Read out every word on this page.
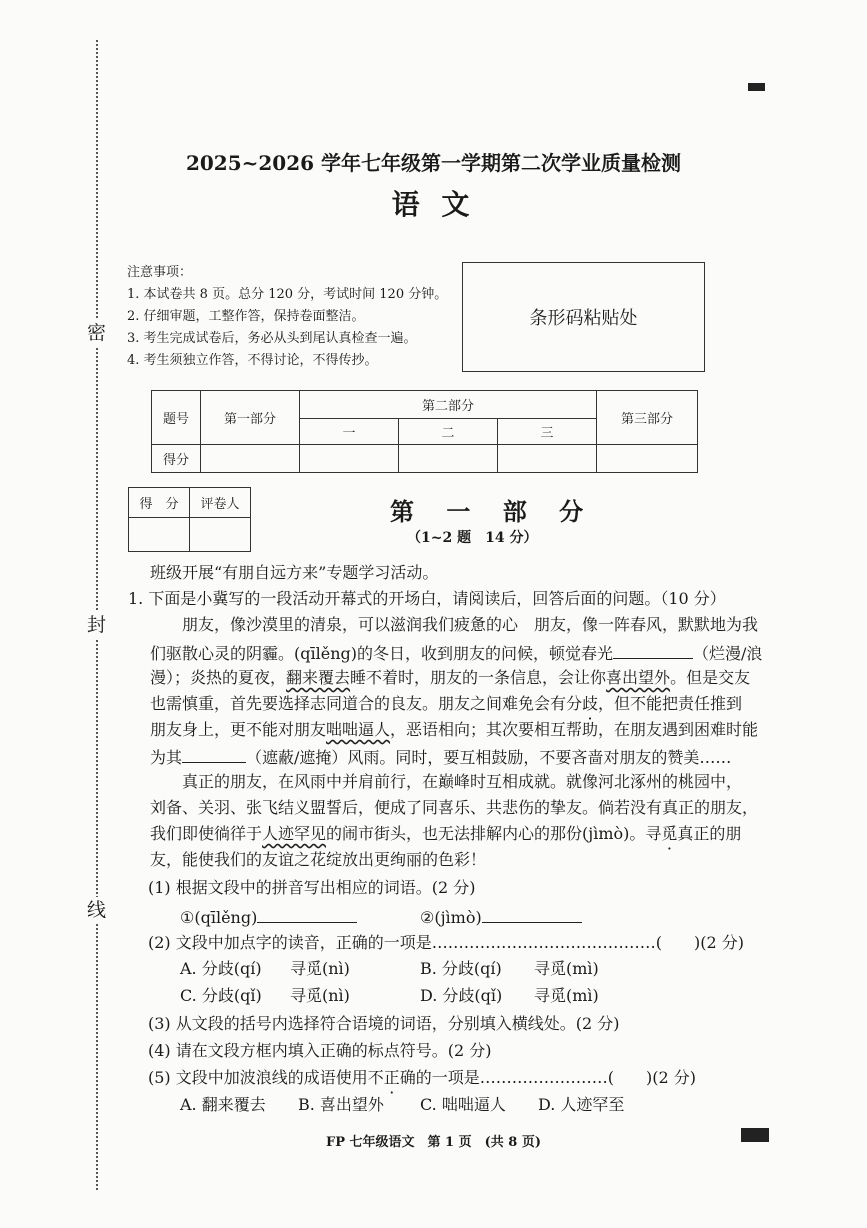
密
封
线
2025~2026 学年七年级第一学期第二次学业质量检测
语 文
注意事项：
1. 本试卷共 8 页。总分 120 分，考试时间 120 分钟。
2. 仔细审题，工整作答，保持卷面整洁。
3. 考生完成试卷后，务必从头到尾认真检查一遍。
4. 考生须独立作答，不得讨论，不得传抄。
条形码粘贴处
题号	第一部分	第二部分			第三部分
		一	二	三	
得分					
得　分	评卷人
		第 一 部 分
（1~2 题　14 分）
班级开展“有朋自远方来”专题学习活动。
1. 下面是小冀写的一段活动开幕式的开场白，请阅读后，回答后面的问题。（10 分）
朋友，像沙漠里的清泉，可以滋润我们疲惫的心　朋友，像一阵春风，默默地为我
们驱散心灵的阴霾。(qīlěng)的冬日，收到朋友的问候，顿觉春光	（烂漫/浪
漫）；炎热的夏夜，翻来覆去睡不着时，朋友的一条信息，会让你喜出望外。但是交友
也需慎重，首先要选择志同道合的良友。朋友之间难免会有分歧，但不能把责任推到
朋友身上，更不能对朋友咄咄逼人，恶语相向；其次要相互帮助，在朋友遇到困难时能
为其	（遮蔽/遮掩）风雨。同时，要互相鼓励，不要吝啬对朋友的赞美……
真正的朋友，在风雨中并肩前行，在巅峰时互相成就。就像河北涿州的桃园中，
刘备、关羽、张飞结义盟誓后，便成了同喜乐、共悲伤的挚友。倘若没有真正的朋友，
我们即使徜徉于人迹罕见的闹市街头，也无法排解内心的那份(jìmò)。寻觅真正的朋
友，能使我们的友谊之花绽放出更绚丽的色彩！
(1) 根据文段中的拼音写出相应的词语。(2 分)
①(qīlěng)	②(jìmò)
(2) 文段中加点字的读音，正确的一项是……………………………………(　　)(2 分)
A. 分歧(qí) 寻觅(nì)	B. 分歧(qí) 寻觅(mì)
C. 分歧(qǐ) 寻觅(nì)	D. 分歧(qǐ) 寻觅(mì)
(3) 从文段的括号内选择符合语境的词语，分别填入横线处。(2 分)
(4) 请在文段方框内填入正确的标点符号。(2 分)
(5) 文段中加波浪线的成语使用不正确的一项是……………………(　　)(2 分)
A. 翻来覆去 B. 喜出望外 C. 咄咄逼人 D. 人迹罕至
FP 七年级语文　第 1 页　(共 8 页)
